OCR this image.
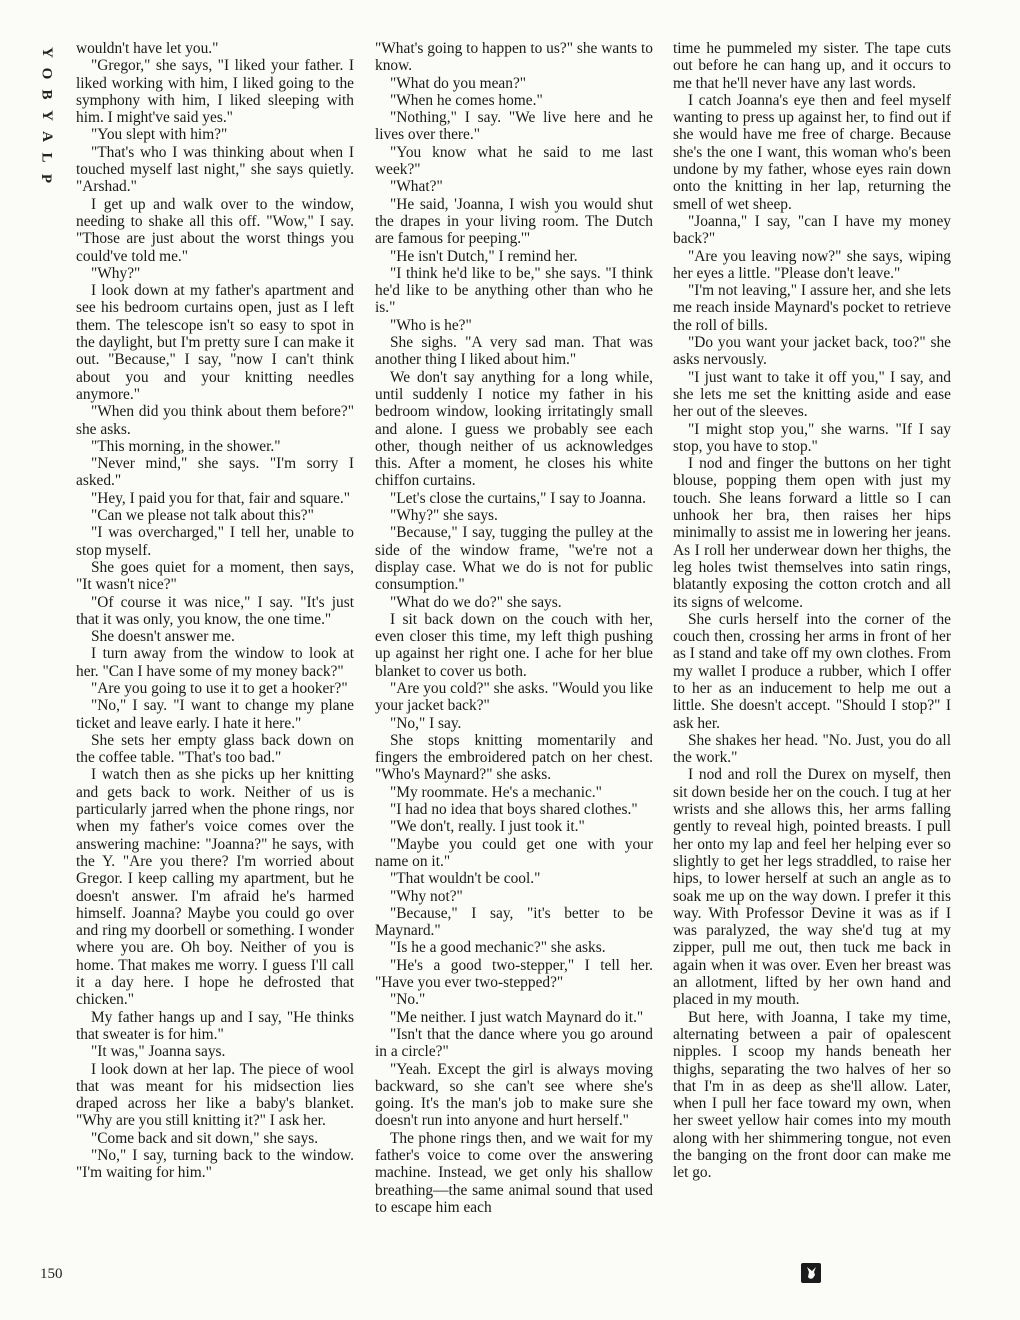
Y
O
B
Y
A
L
P

wouldn't have let you."

"Gregor," she says, "I liked your father. I liked working with him, I liked going to the symphony with him, I liked sleeping with him. I might've said yes."

"You slept with him?"

"That's who I was thinking about when I touched myself last night," she says quietly. "Arshad."

I get up and walk over to the window, needing to shake all this off. "Wow," I say. "Those are just about the worst things you could've told me."

"Why?"

I look down at my father's apartment and see his bedroom curtains open, just as I left them. The telescope isn't so easy to spot in the daylight, but I'm pretty sure I can make it out. "Because," I say, "now I can't think about you and your knitting needles anymore."

"When did you think about them before?" she asks.

"This morning, in the shower."

"Never mind," she says. "I'm sorry I asked."

"Hey, I paid you for that, fair and square."

"Can we please not talk about this?"

"I was overcharged," I tell her, unable to stop myself.

She goes quiet for a moment, then says, "It wasn't nice?"

"Of course it was nice," I say. "It's just that it was only, you know, the one time."

She doesn't answer me.

I turn away from the window to look at her. "Can I have some of my money back?"

"Are you going to use it to get a hooker?"

"No," I say. "I want to change my plane ticket and leave early. I hate it here."

She sets her empty glass back down on the coffee table. "That's too bad."

I watch then as she picks up her knitting and gets back to work. Neither of us is particularly jarred when the phone rings, nor when my father's voice comes over the answering machine: "Joanna?" he says, with the Y. "Are you there? I'm worried about Gregor. I keep calling my apartment, but he doesn't answer. I'm afraid he's harmed himself. Joanna? Maybe you could go over and ring my doorbell or something. I wonder where you are. Oh boy. Neither of you is home. That makes me worry. I guess I'll call it a day here. I hope he defrosted that chicken."

My father hangs up and I say, "He thinks that sweater is for him."

"It was," Joanna says.

I look down at her lap. The piece of wool that was meant for his midsection lies draped across her like a baby's blanket. "Why are you still knitting it?" I ask her.

"Come back and sit down," she says.

"No," I say, turning back to the window. "I'm waiting for him."

"What's going to happen to us?" she wants to know.

"What do you mean?"

"When he comes home."

"Nothing," I say. "We live here and he lives over there."

"You know what he said to me last week?"

"What?"

"He said, 'Joanna, I wish you would shut the drapes in your living room. The Dutch are famous for peeping.'"

"He isn't Dutch," I remind her.

"I think he'd like to be," she says. "I think he'd like to be anything other than who he is."

"Who is he?"

She sighs. "A very sad man. That was another thing I liked about him."

We don't say anything for a long while, until suddenly I notice my father in his bedroom window, looking irritatingly small and alone. I guess we probably see each other, though neither of us acknowledges this. After a moment, he closes his white chiffon curtains.

"Let's close the curtains," I say to Joanna.

"Why?" she says.

"Because," I say, tugging the pulley at the side of the window frame, "we're not a display case. What we do is not for public consumption."

"What do we do?" she says.

I sit back down on the couch with her, even closer this time, my left thigh pushing up against her right one. I ache for her blue blanket to cover us both.

"Are you cold?" she asks. "Would you like your jacket back?"

"No," I say.

She stops knitting momentarily and fingers the embroidered patch on her chest. "Who's Maynard?" she asks.

"My roommate. He's a mechanic."

"I had no idea that boys shared clothes."

"We don't, really. I just took it."

"Maybe you could get one with your name on it."

"That wouldn't be cool."

"Why not?"

"Because," I say, "it's better to be Maynard."

"Is he a good mechanic?" she asks.

"He's a good two-stepper," I tell her. "Have you ever two-stepped?"

"No."

"Me neither. I just watch Maynard do it."

"Isn't that the dance where you go around in a circle?"

"Yeah. Except the girl is always moving backward, so she can't see where she's going. It's the man's job to make sure she doesn't run into anyone and hurt herself."

The phone rings then, and we wait for my father's voice to come over the answering machine. Instead, we get only his shallow breathing—the same animal sound that used to escape him each

time he pummeled my sister. The tape cuts out before he can hang up, and it occurs to me that he'll never have any last words.

I catch Joanna's eye then and feel myself wanting to press up against her, to find out if she would have me free of charge. Because she's the one I want, this woman who's been undone by my father, whose eyes rain down onto the knitting in her lap, returning the smell of wet sheep.

"Joanna," I say, "can I have my money back?"

"Are you leaving now?" she says, wiping her eyes a little. "Please don't leave."

"I'm not leaving," I assure her, and she lets me reach inside Maynard's pocket to retrieve the roll of bills.

"Do you want your jacket back, too?" she asks nervously.

"I just want to take it off you," I say, and she lets me set the knitting aside and ease her out of the sleeves.

"I might stop you," she warns. "If I say stop, you have to stop."

I nod and finger the buttons on her tight blouse, popping them open with just my touch. She leans forward a little so I can unhook her bra, then raises her hips minimally to assist me in lowering her jeans. As I roll her underwear down her thighs, the leg holes twist themselves into satin rings, blatantly exposing the cotton crotch and all its signs of welcome.

She curls herself into the corner of the couch then, crossing her arms in front of her as I stand and take off my own clothes. From my wallet I produce a rubber, which I offer to her as an inducement to help me out a little. She doesn't accept. "Should I stop?" I ask her.

She shakes her head. "No. Just, you do all the work."

I nod and roll the Durex on myself, then sit down beside her on the couch. I tug at her wrists and she allows this, her arms falling gently to reveal high, pointed breasts. I pull her onto my lap and feel her helping ever so slightly to get her legs straddled, to raise her hips, to lower herself at such an angle as to soak me up on the way down. I prefer it this way. With Professor Devine it was as if I was paralyzed, the way she'd tug at my zipper, pull me out, then tuck me back in again when it was over. Even her breast was an allotment, lifted by her own hand and placed in my mouth.

But here, with Joanna, I take my time, alternating between a pair of opalescent nipples. I scoop my hands beneath her thighs, separating the two halves of her so that I'm in as deep as she'll allow. Later, when I pull her face toward my own, when her sweet yellow hair comes into my mouth along with her shimmering tongue, not even the banging on the front door can make me let go.

150
